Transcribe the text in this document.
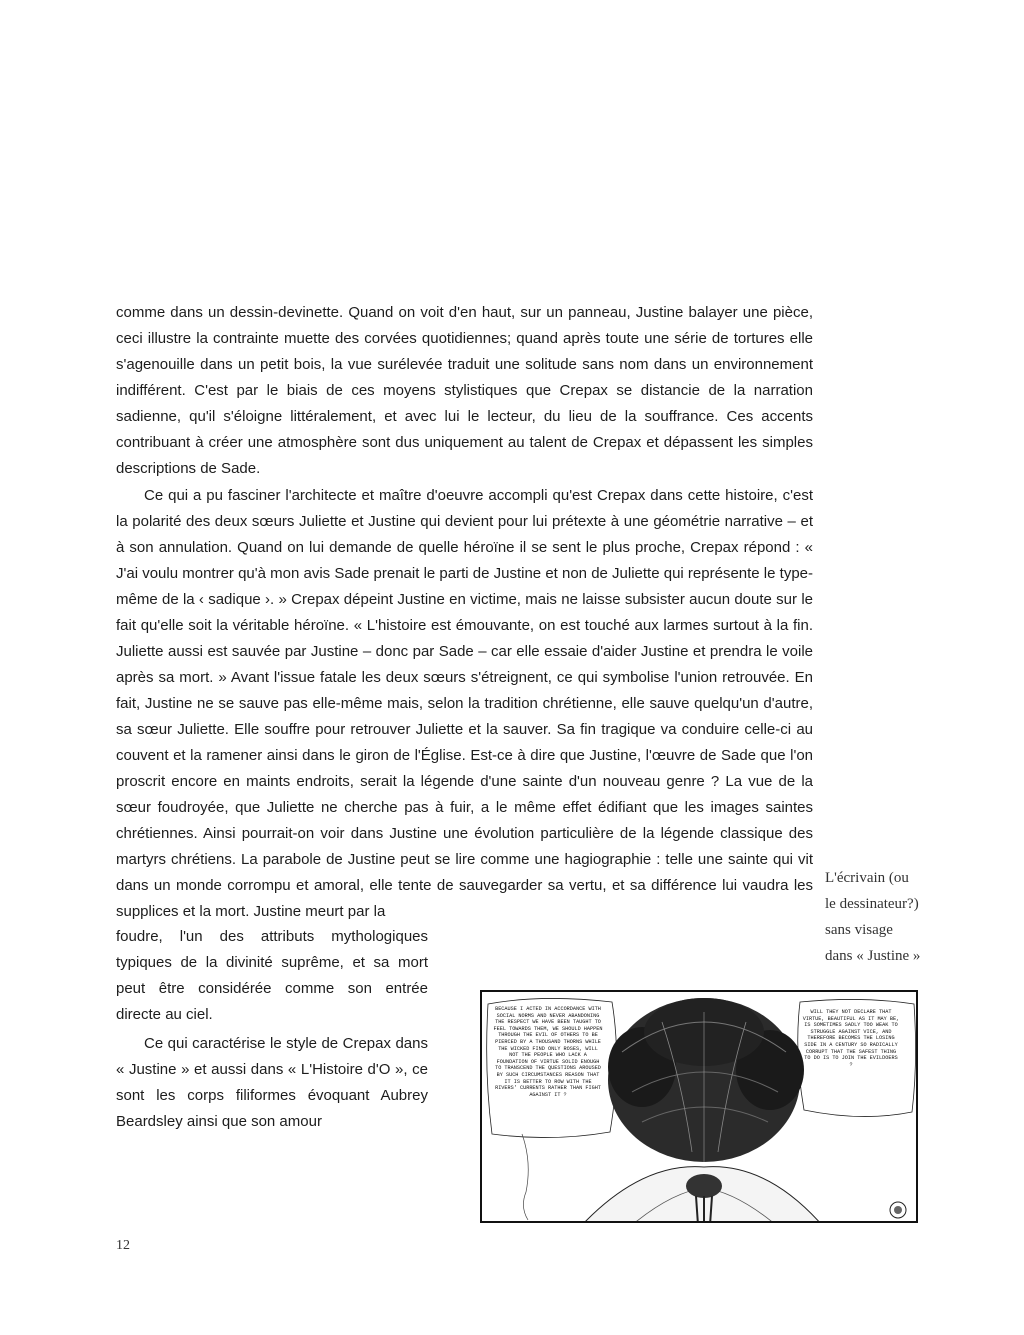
comme dans un dessin-devinette. Quand on voit d'en haut, sur un panneau, Justine balayer une pièce, ceci illustre la contrainte muette des corvées quotidiennes; quand après toute une série de tortures elle s'agenouille dans un petit bois, la vue surélevée traduit une solitude sans nom dans un environnement indifférent. C'est par le biais de ces moyens stylistiques que Crepax se distancie de la narration sadienne, qu'il s'éloigne littéralement, et avec lui le lecteur, du lieu de la souffrance. Ces accents contribuant à créer une atmosphère sont dus uniquement au talent de Crepax et dépassent les simples descriptions de Sade.

Ce qui a pu fasciner l'architecte et maître d'oeuvre accompli qu'est Crepax dans cette histoire, c'est la polarité des deux sœurs Juliette et Justine qui devient pour lui prétexte à une géométrie narrative – et à son annulation. Quand on lui demande de quelle héroïne il se sent le plus proche, Crepax répond : « J'ai voulu montrer qu'à mon avis Sade prenait le parti de Justine et non de Juliette qui représente le type-même de la ‹ sadique ›. » Crepax dépeint Justine en victime, mais ne laisse subsister aucun doute sur le fait qu'elle soit la véritable héroïne. « L'histoire est émouvante, on est touché aux larmes surtout à la fin. Juliette aussi est sauvée par Justine – donc par Sade – car elle essaie d'aider Justine et prendra le voile après sa mort. » Avant l'issue fatale les deux sœurs s'étreignent, ce qui symbolise l'union retrouvée. En fait, Justine ne se sauve pas elle-même mais, selon la tradition chrétienne, elle sauve quelqu'un d'autre, sa sœur Juliette. Elle souffre pour retrouver Juliette et la sauver. Sa fin tragique va conduire celle-ci au couvent et la ramener ainsi dans le giron de l'Église. Est-ce à dire que Justine, l'œuvre de Sade que l'on proscrit encore en maints endroits, serait la légende d'une sainte d'un nouveau genre ? La vue de la sœur foudroyée, que Juliette ne cherche pas à fuir, a le même effet édifiant que les images saintes chrétiennes. Ainsi pourrait-on voir dans Justine une évolution particulière de la légende classique des martyrs chrétiens. La parabole de Justine peut se lire comme une hagiographie : telle une sainte qui vit dans un monde corrompu et amoral, elle tente de sauvegarder sa vertu, et sa différence lui vaudra les supplices et la mort. Justine meurt par la

foudre, l'un des attributs mythologiques typiques de la divinité suprême, et sa mort peut être considérée comme son entrée directe au ciel.

Ce qui caractérise le style de Crepax dans « Justine » et aussi dans « L'Histoire d'O », ce sont les corps filiformes évoquant Aubrey Beardsley ainsi que son amour

L'écrivain (ou
le dessinateur?)
sans visage
dans « Justine »
BECAUSE I ACTED IN ACCORDANCE WITH SOCIAL NORMS AND NEVER ABANDONING THE RESPECT WE HAVE BEEN TAUGHT TO FEEL TOWARDS THEM, WE SHOULD HAPPEN THROUGH THE EVIL OF OTHERS TO BE PIERCED BY A THOUSAND THORNS WHILE THE WICKED FIND ONLY ROSES, WILL NOT THE PEOPLE WHO LACK A FOUNDATION OF VIRTUE SOLID ENOUGH TO TRANSCEND THE QUESTIONS AROUSED BY SUCH CIRCUMSTANCES REASON THAT IT IS BETTER TO ROW WITH THE RIVERS' CURRENTS RATHER THAN FIGHT AGAINST IT ?
WILL THEY NOT DECLARE THAT VIRTUE, BEAUTIFUL AS IT MAY BE, IS SOMETIMES SADLY TOO WEAK TO STRUGGLE AGAINST VICE, AND THEREFORE BECOMES THE LOSING SIDE IN A CENTURY SO RADICALLY CORRUPT THAT THE SAFEST THING TO DO IS TO JOIN THE EVILDOERS ?
12
